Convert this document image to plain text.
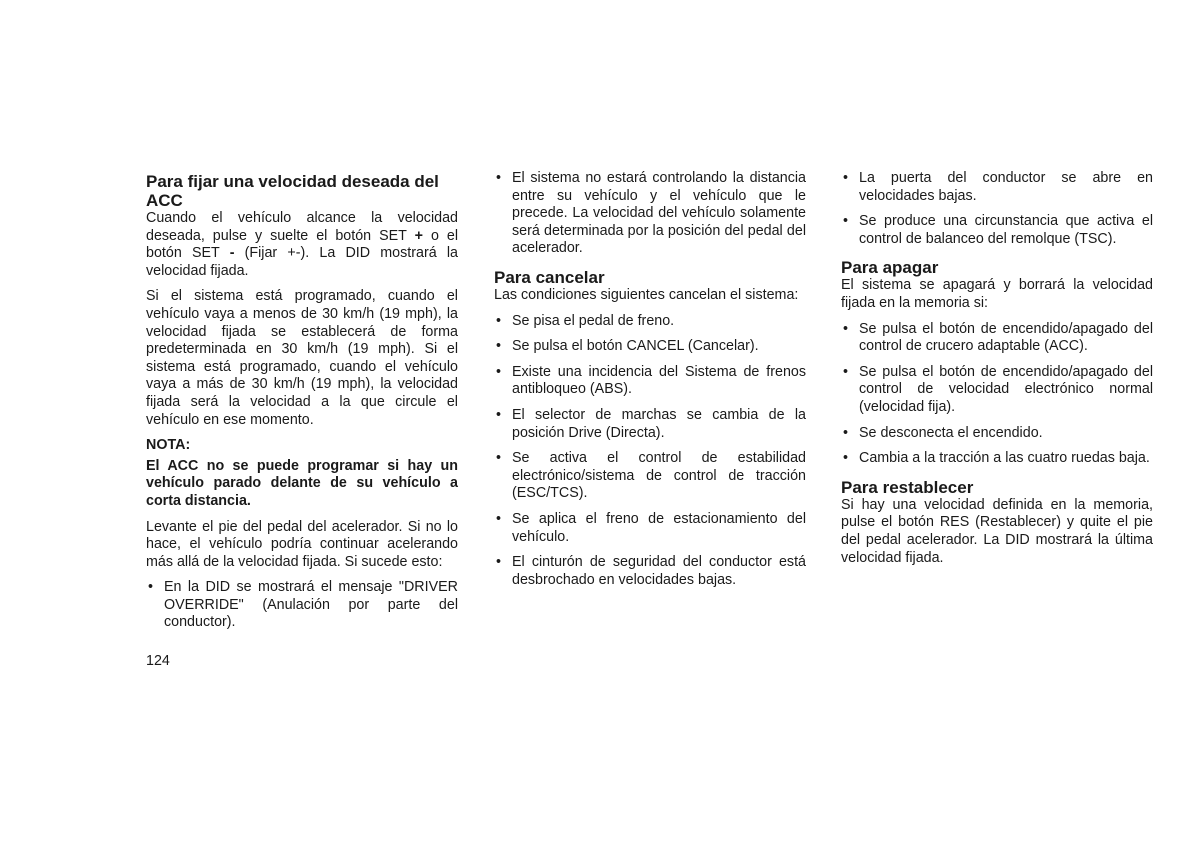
Para fijar una velocidad deseada del ACC

Cuando el vehículo alcance la velocidad deseada, pulse y suelte el botón SET + o el botón SET - (Fijar +-). La DID mostrará la velocidad fijada.

Si el sistema está programado, cuando el vehículo vaya a menos de 30 km/h (19 mph), la velocidad fijada se establecerá de forma predeterminada en 30 km/h (19 mph). Si el sistema está programado, cuando el vehículo vaya a más de 30 km/h (19 mph), la velocidad fijada será la velocidad a la que circule el vehículo en ese momento.

NOTA:

El ACC no se puede programar si hay un vehículo parado delante de su vehículo a corta distancia.

Levante el pie del pedal del acelerador. Si no lo hace, el vehículo podría continuar acelerando más allá de la velocidad fijada. Si sucede esto:

• En la DID se mostrará el mensaje "DRIVER OVERRIDE" (Anulación por parte del conductor).
• El sistema no estará controlando la distancia entre su vehículo y el vehículo que le precede. La velocidad del vehículo solamente será determinada por la posición del pedal del acelerador.
Para cancelar

Las condiciones siguientes cancelan el sistema:

• Se pisa el pedal de freno.
• Se pulsa el botón CANCEL (Cancelar).
• Existe una incidencia del Sistema de frenos antibloqueo (ABS).
• El selector de marchas se cambia de la posición Drive (Directa).
• Se activa el control de estabilidad electrónico/sistema de control de tracción (ESC/TCS).
• Se aplica el freno de estacionamiento del vehículo.
• El cinturón de seguridad del conductor está desbrochado en velocidades bajas.
• La puerta del conductor se abre en velocidades bajas.
• Se produce una circunstancia que activa el control de balanceo del remolque (TSC).
Para apagar

El sistema se apagará y borrará la velocidad fijada en la memoria si:

• Se pulsa el botón de encendido/apagado del control de crucero adaptable (ACC).
• Se pulsa el botón de encendido/apagado del control de velocidad electrónico normal (velocidad fija).
• Se desconecta el encendido.
• Cambia a la tracción a las cuatro ruedas baja.
Para restablecer

Si hay una velocidad definida en la memoria, pulse el botón RES (Restablecer) y quite el pie del pedal acelerador. La DID mostrará la última velocidad fijada.

124
